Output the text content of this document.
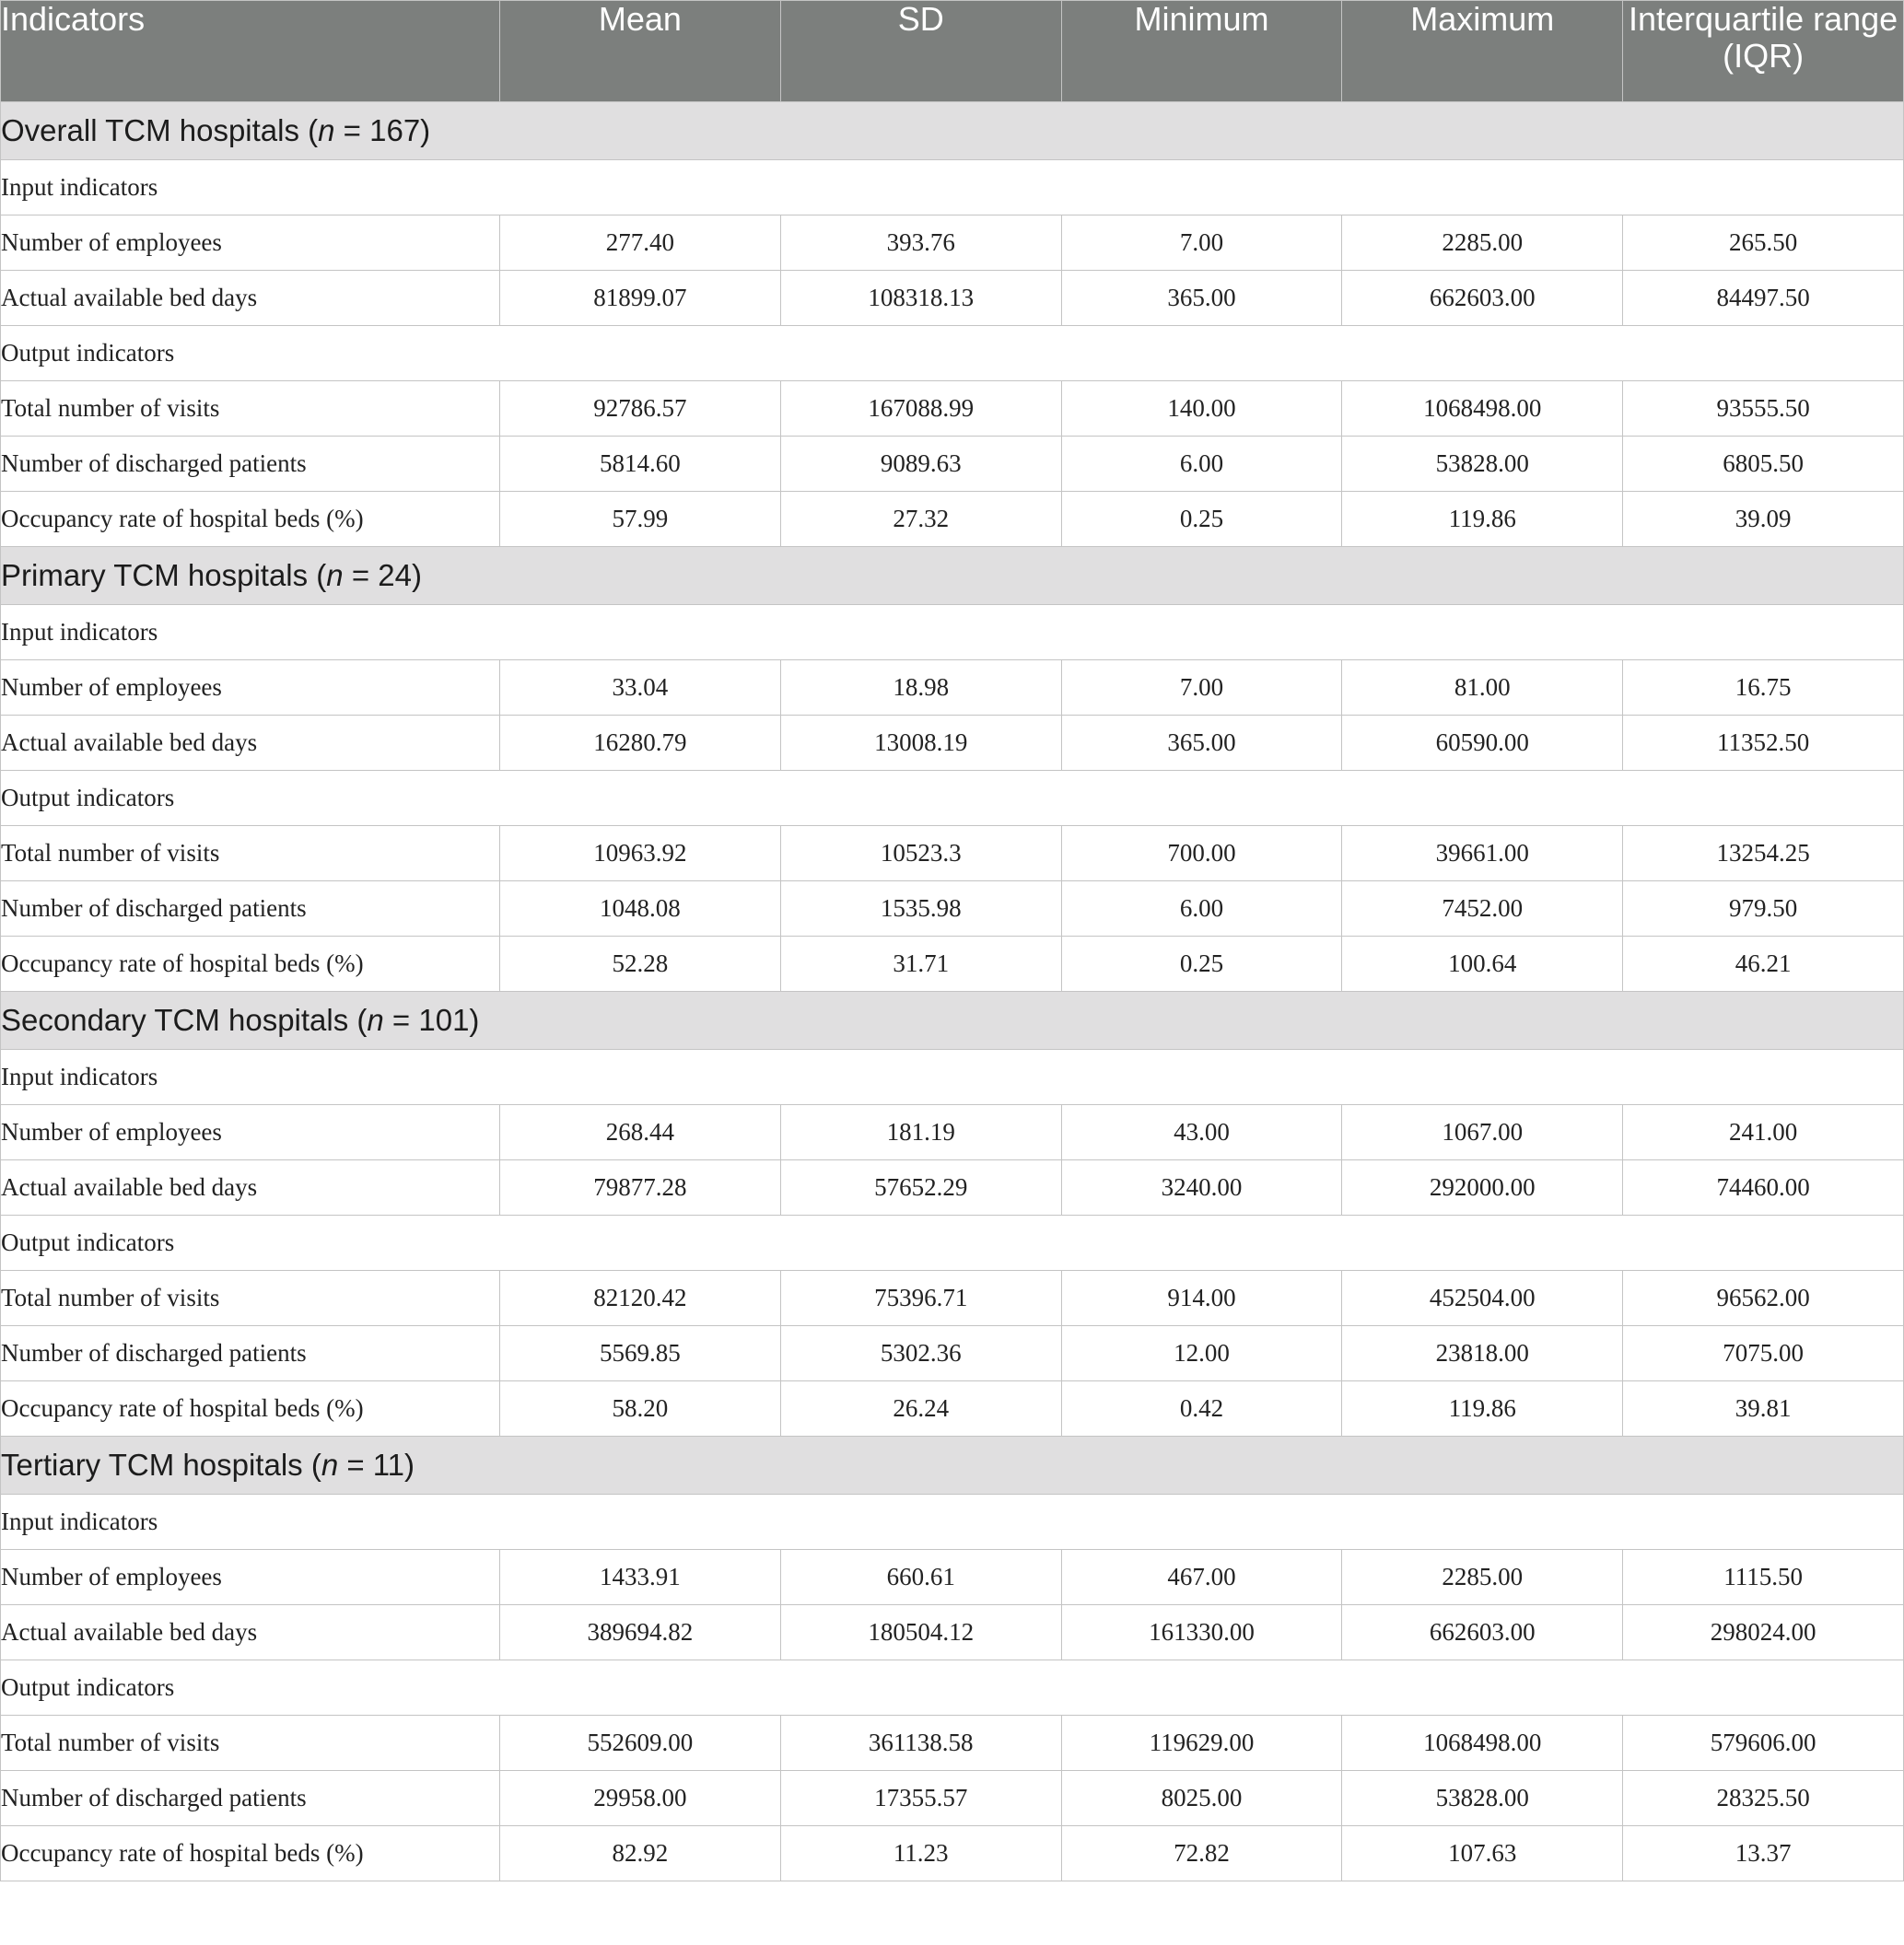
Indicators	Mean	SD	Minimum	Maximum	Interquartile range (IQR)
Overall TCM hospitals (n = 167)					
Input indicators					
Number of employees	277.40	393.76	7.00	2285.00	265.50
Actual available bed days	81899.07	108318.13	365.00	662603.00	84497.50
Output indicators					
Total number of visits	92786.57	167088.99	140.00	1068498.00	93555.50
Number of discharged patients	5814.60	9089.63	6.00	53828.00	6805.50
Occupancy rate of hospital beds (%)	57.99	27.32	0.25	119.86	39.09
Primary TCM hospitals (n = 24)					
Input indicators					
Number of employees	33.04	18.98	7.00	81.00	16.75
Actual available bed days	16280.79	13008.19	365.00	60590.00	11352.50
Output indicators					
Total number of visits	10963.92	10523.3	700.00	39661.00	13254.25
Number of discharged patients	1048.08	1535.98	6.00	7452.00	979.50
Occupancy rate of hospital beds (%)	52.28	31.71	0.25	100.64	46.21
Secondary TCM hospitals (n = 101)					
Input indicators					
Number of employees	268.44	181.19	43.00	1067.00	241.00
Actual available bed days	79877.28	57652.29	3240.00	292000.00	74460.00
Output indicators					
Total number of visits	82120.42	75396.71	914.00	452504.00	96562.00
Number of discharged patients	5569.85	5302.36	12.00	23818.00	7075.00
Occupancy rate of hospital beds (%)	58.20	26.24	0.42	119.86	39.81
Tertiary TCM hospitals (n = 11)					
Input indicators					
Number of employees	1433.91	660.61	467.00	2285.00	1115.50
Actual available bed days	389694.82	180504.12	161330.00	662603.00	298024.00
Output indicators					
Total number of visits	552609.00	361138.58	119629.00	1068498.00	579606.00
Number of discharged patients	29958.00	17355.57	8025.00	53828.00	28325.50
Occupancy rate of hospital beds (%)	82.92	11.23	72.82	107.63	13.37
